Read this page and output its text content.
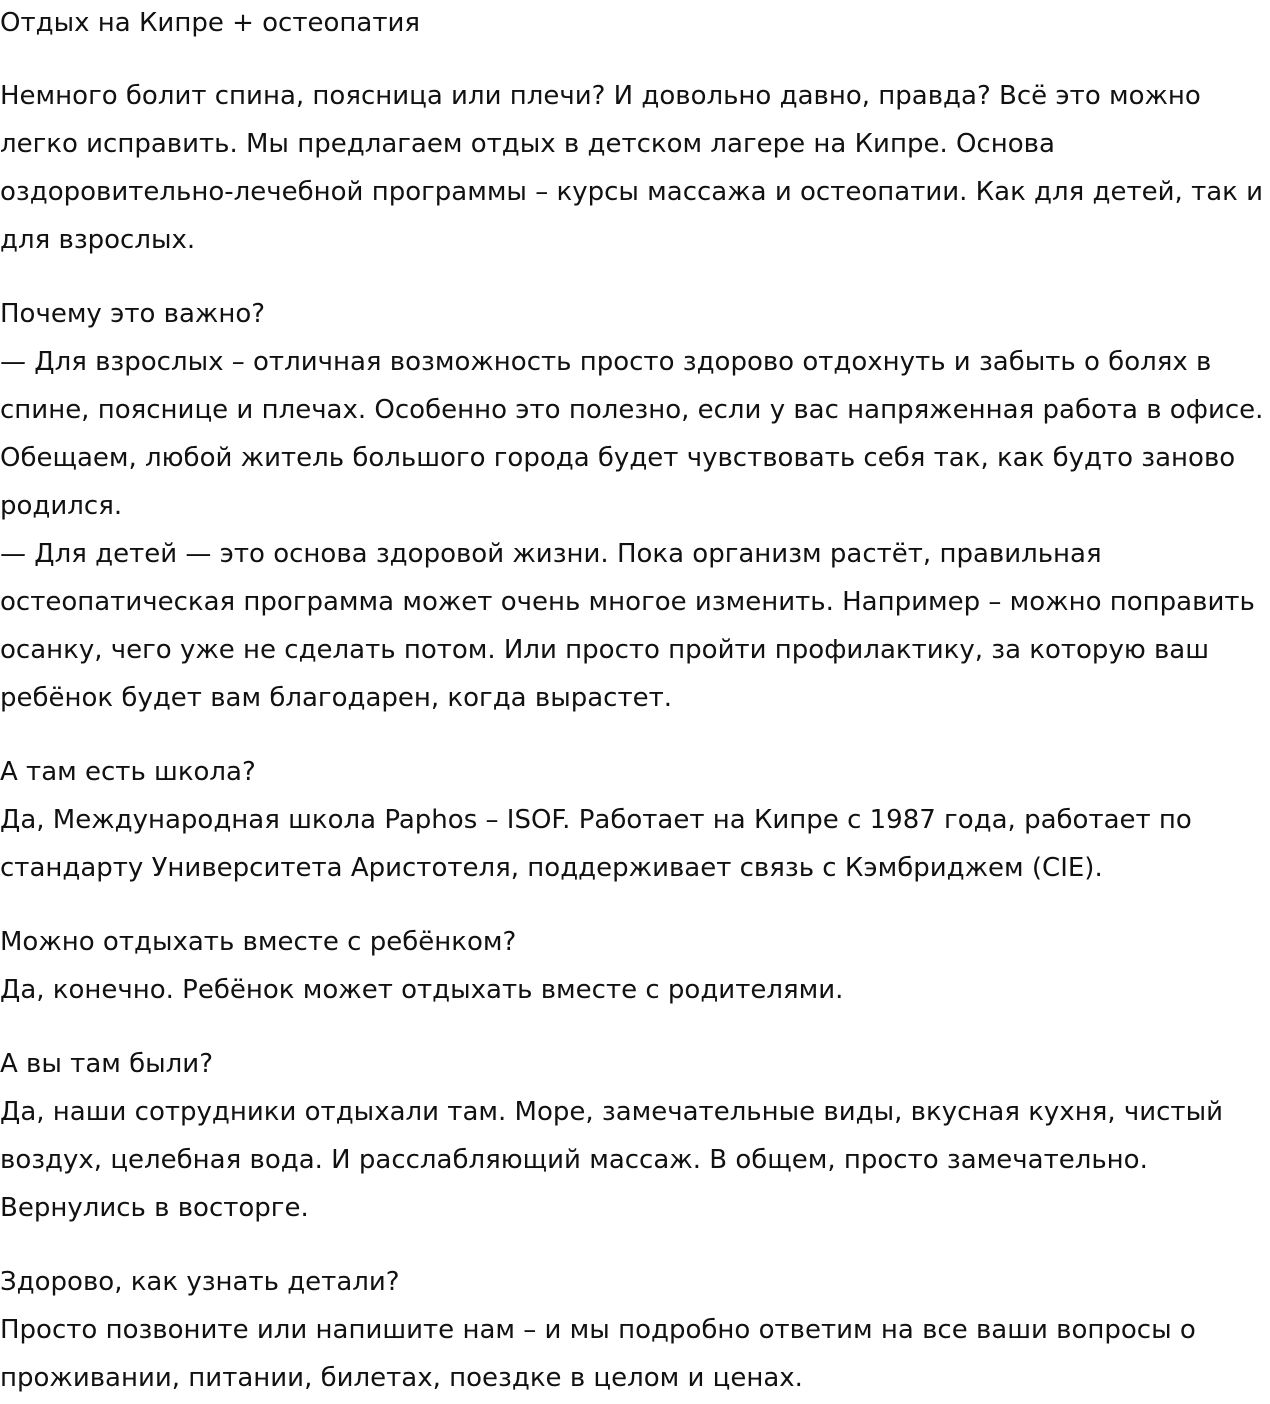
Отдых на Кипре + остеопатия
Немного болит спина, поясница или плечи? И довольно давно, правда? Всё это можно
легко исправить. Мы предлагаем отдых в детском лагере на Кипре. Основа
оздоровительно-лечебной программы – курсы массажа и остеопатии. Как для детей, так и
для взрослых.
Почему это важно?
— Для взрослых – отличная возможность просто здорово отдохнуть и забыть о болях в
спине, пояснице и плечах. Особенно это полезно, если у вас напряженная работа в офисе.
Обещаем, любой житель большого города будет чувствовать себя так, как будто заново
родился.
— Для детей — это основа здоровой жизни. Пока организм растёт, правильная
остеопатическая программа может очень многое изменить. Например – можно поправить
осанку, чего уже не сделать потом. Или просто пройти профилактику, за которую ваш
ребёнок будет вам благодарен, когда вырастет.
А там есть школа?
Да, Международная школа Paphos – ISOF. Работает на Кипре с 1987 года, работает по
стандарту Университета Аристотеля, поддерживает связь с Кэмбриджем (CIE).
Можно отдыхать вместе с ребёнком?
Да, конечно. Ребёнок может отдыхать вместе с родителями.
А вы там были?
Да, наши сотрудники отдыхали там. Море, замечательные виды, вкусная кухня, чистый
воздух, целебная вода. И расслабляющий массаж. В общем, просто замечательно.
Вернулись в восторге.
Здорово, как узнать детали?
Просто позвоните или напишите нам – и мы подробно ответим на все ваши вопросы о
проживании, питании, билетах, поездке в целом и ценах.
